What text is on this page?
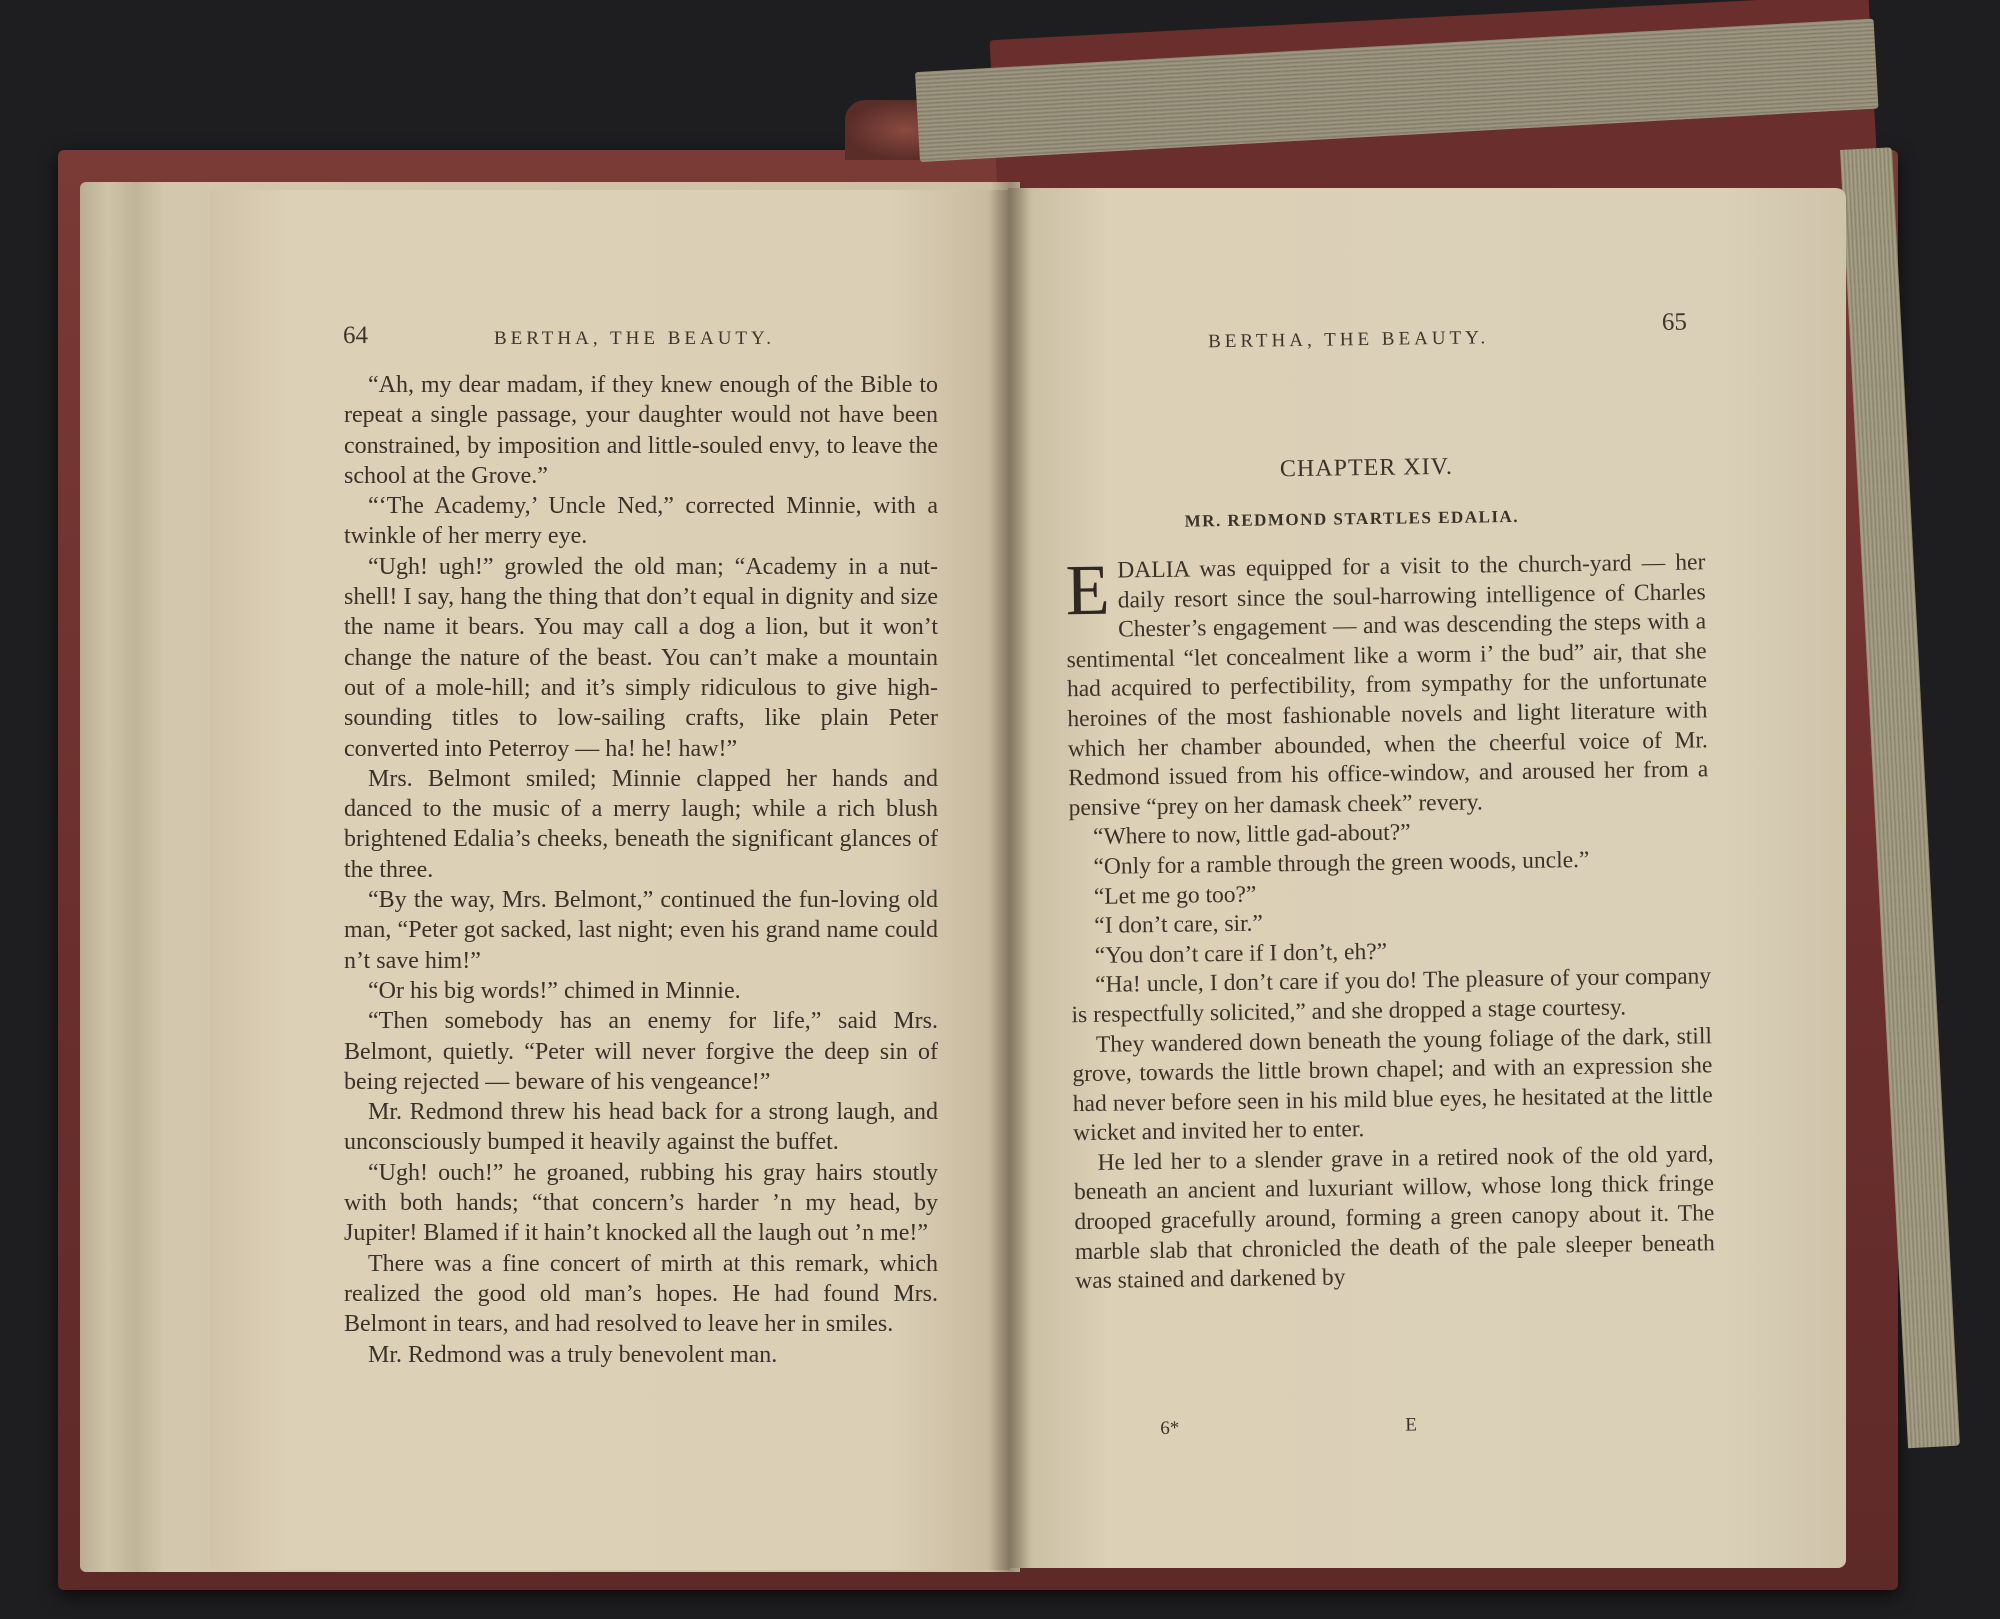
64	BERTHA, THE BEAUTY.

“Ah, my dear madam, if they knew enough of the Bible to repeat a single passage, your daughter would not have been constrained, by imposition and little-souled envy, to leave the school at the Grove.”

“‘The Academy,’ Uncle Ned,” corrected Minnie, with a twinkle of her merry eye.

“Ugh! ugh!” growled the old man; “Academy in a nut-shell! I say, hang the thing that don’t equal in dignity and size the name it bears. You may call a dog a lion, but it won’t change the nature of the beast. You can’t make a mountain out of a mole-hill; and it’s simply ridiculous to give high-sounding titles to low-sailing crafts, like plain Peter converted into Peterroy — ha! he! haw!”

Mrs. Belmont smiled; Minnie clapped her hands and danced to the music of a merry laugh; while a rich blush brightened Edalia’s cheeks, beneath the significant glances of the three.

“By the way, Mrs. Belmont,” continued the fun-loving old man, “Peter got sacked, last night; even his grand name could n’t save him!”

“Or his big words!” chimed in Minnie.

“Then somebody has an enemy for life,” said Mrs. Belmont, quietly. “Peter will never forgive the deep sin of being rejected — beware of his vengeance!”

Mr. Redmond threw his head back for a strong laugh, and unconsciously bumped it heavily against the buffet.

“Ugh! ouch!” he groaned, rubbing his gray hairs stoutly with both hands; “that concern’s harder ’n my head, by Jupiter! Blamed if it hain’t knocked all the laugh out ’n me!”

There was a fine concert of mirth at this remark, which realized the good old man’s hopes. He had found Mrs. Belmont in tears, and had resolved to leave her in smiles.

Mr. Redmond was a truly benevolent man.

BERTHA, THE BEAUTY.
65
CHAPTER XIV.
MR. REDMOND STARTLES EDALIA.

EDALIA was equipped for a visit to the church-yard — her daily resort since the soul-harrowing intelligence of Charles Chester’s engagement — and was descending the steps with a sentimental “let concealment like a worm i’ the bud” air, that she had acquired to perfectibility, from sympathy for the unfortunate heroines of the most fashionable novels and light literature with which her chamber abounded, when the cheerful voice of Mr. Redmond issued from his office-window, and aroused her from a pensive “prey on her damask cheek” revery.

“Where to now, little gad-about?”

“Only for a ramble through the green woods, uncle.”

“Let me go too?”

“I don’t care, sir.”

“You don’t care if I don’t, eh?”

“Ha! uncle, I don’t care if you do! The pleasure of your company is respectfully solicited,” and she dropped a stage courtesy.

They wandered down beneath the young foliage of the dark, still grove, towards the little brown chapel; and with an expression she had never before seen in his mild blue eyes, he hesitated at the little wicket and invited her to enter.

He led her to a slender grave in a retired nook of the old yard, beneath an ancient and luxuriant willow, whose long thick fringe drooped gracefully around, forming a green canopy about it. The marble slab that chronicled the death of the pale sleeper beneath was stained and darkened by

6*	E
